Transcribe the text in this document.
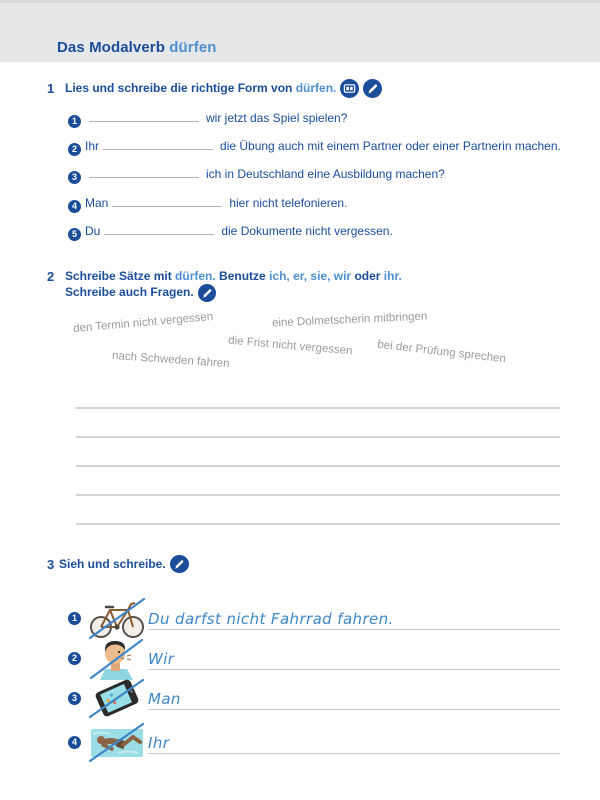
Das Modalverb dürfen
1 Lies und schreibe die richtige Form von dürfen.
1	wir jetzt das Spiel spielen?
2 Ihr	die Übung auch mit einem Partner oder einer Partnerin machen.
3	ich in Deutschland eine Ausbildung machen?
4 Man	hier nicht telefonieren.
5 Du	die Dokumente nicht vergessen.
2 Schreibe Sätze mit dürfen. Benutze ich, er, sie, wir oder ihr.
Schreibe auch Fragen.
den Termin nicht vergessen	eine Dolmetscherin mitbringen
die Frist nicht vergessen
nach Schweden fahren	bei der Prüfung sprechen
3 Sieh und schreibe.
1	Du darfst nicht Fahrrad fahren.
2	Wir
3	Man
4	Ihr
